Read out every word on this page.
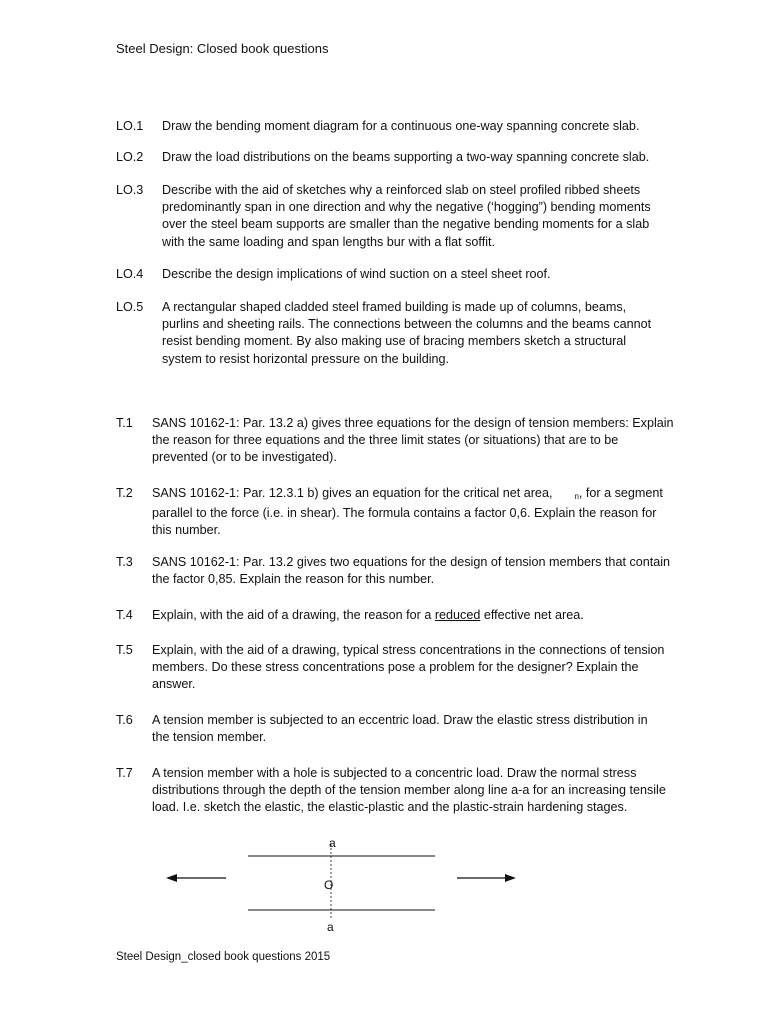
Steel Design: Closed book questions
LO.1 Draw the bending moment diagram for a continuous one-way spanning concrete slab.
LO.2 Draw the load distributions on the beams supporting a two-way spanning concrete slab.
LO.3 Describe with the aid of sketches why a reinforced slab on steel profiled ribbed sheets predominantly span in one direction and why the negative (‘hogging”) bending moments over the steel beam supports are smaller than the negative bending moments for a slab with the same loading and span lengths bur with a flat soffit.
LO.4 Describe the design implications of wind suction on a steel sheet roof.
LO.5 A rectangular shaped cladded steel framed building is made up of columns, beams, purlins and sheeting rails. The connections between the columns and the beams cannot resist bending moment. By also making use of bracing members sketch a structural system to resist horizontal pressure on the building.
T.1 SANS 10162-1: Par. 13.2 a) gives three equations for the design of tension members: Explain the reason for three equations and the three limit states (or situations) that are to be prevented (or to be investigated).
T.2 SANS 10162-1: Par. 12.3.1 b) gives an equation for the critical net area,	$_n$, for a segment parallel to the force (i.e. in shear). The formula contains a factor 0,6. Explain the reason for this number.
T.3 SANS 10162-1: Par. 13.2 gives two equations for the design of tension members that contain the factor 0,85. Explain the reason for this number.
T.4 Explain, with the aid of a drawing, the reason for a reduced effective net area.
T.5 Explain, with the aid of a drawing, typical stress concentrations in the connections of tension members. Do these stress concentrations pose a problem for the designer? Explain the answer.
T.6 A tension member is subjected to an eccentric load. Draw the elastic stress distribution in the tension member.
T.7 A tension member with a hole is subjected to a concentric load. Draw the normal stress distributions through the depth of the tension member along line a-a for an increasing tensile load. I.e. sketch the elastic, the elastic-plastic and the plastic-strain hardening stages.
a
O
a
Steel Design_closed book questions 2015
